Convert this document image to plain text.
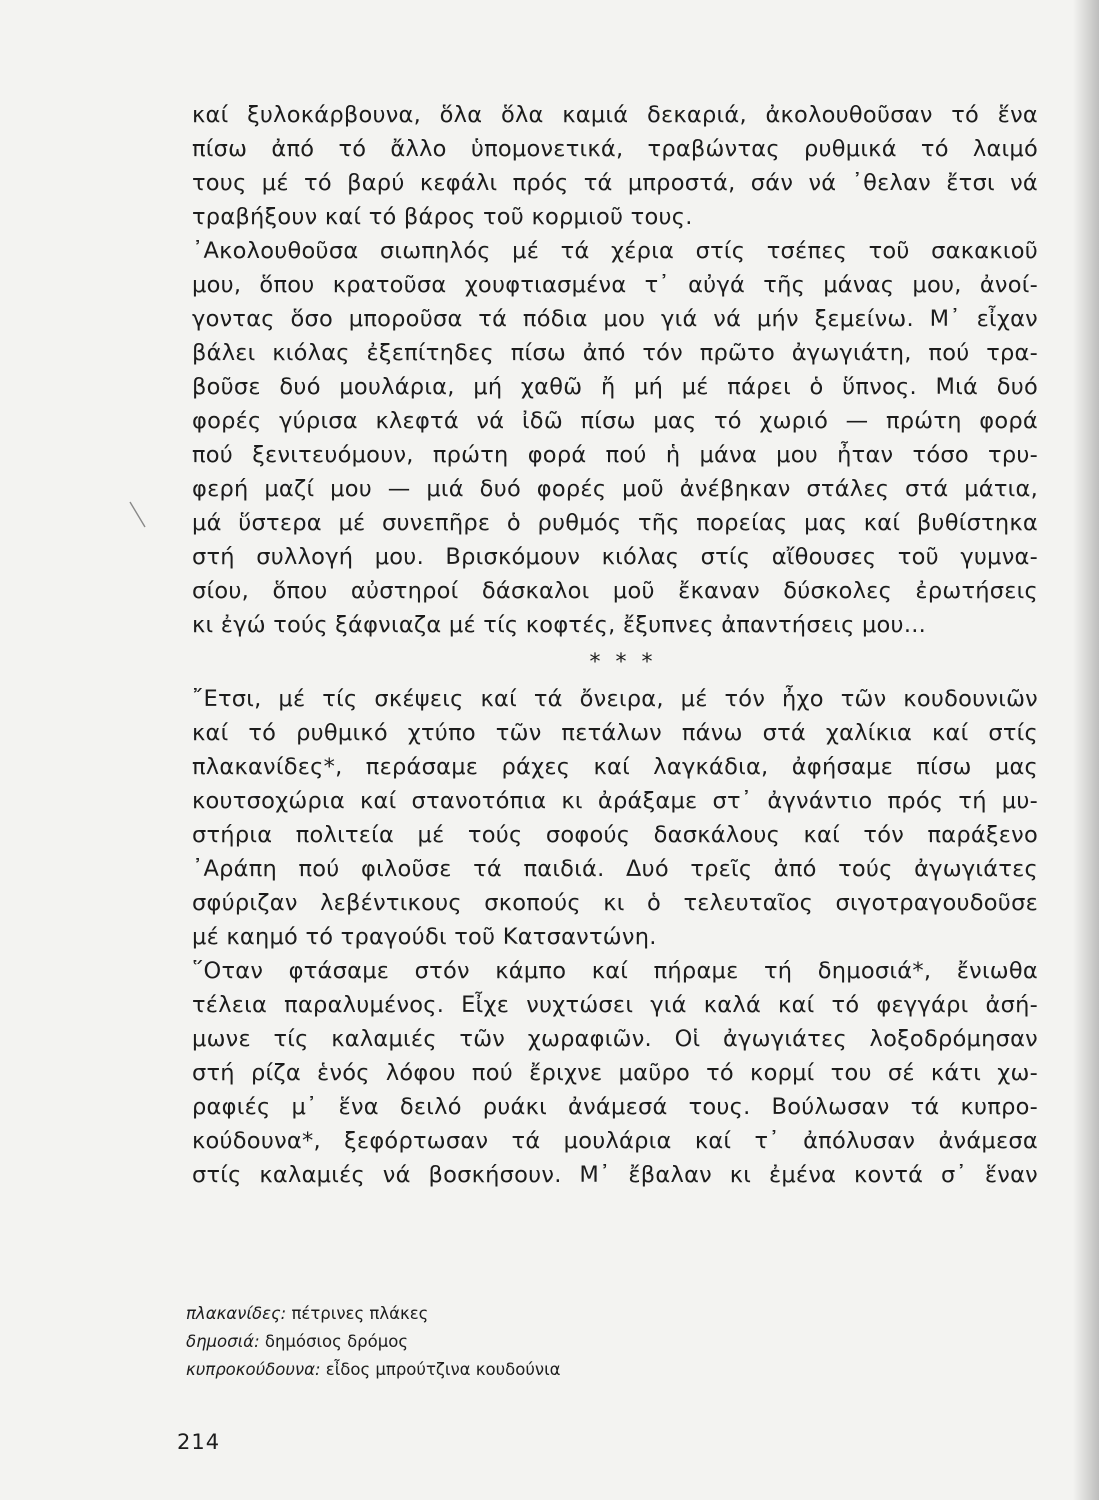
καί ξυλοκάρβουνα, ὅλα ὅλα καμιά δεκαριά, ἀκολουθοῦσαν τό ἕνα
πίσω ἀπό τό ἄλλο ὑπομονετικά, τραβώντας ρυθμικά τό λαιμό
τους μέ τό βαρύ κεφάλι πρός τά μπροστά, σάν νά ᾿θελαν ἔτσι νά
τραβήξουν καί τό βάρος τοῦ κορμιοῦ τους.
᾿Ακολουθοῦσα σιωπηλός μέ τά χέρια στίς τσέπες τοῦ σακακιοῦ
μου, ὅπου κρατοῦσα χουφτιασμένα τ᾿ αὐγά τῆς μάνας μου, ἀνοί-
γοντας ὅσο μποροῦσα τά πόδια μου γιά νά μήν ξεμείνω. Μ᾿ εἶχαν
βάλει κιόλας ἐξεπίτηδες πίσω ἀπό τόν πρῶτο ἀγωγιάτη, πού τρα-
βοῦσε δυό μουλάρια, μή χαθῶ ἤ μή μέ πάρει ὁ ὕπνος. Μιά δυό
φορές γύρισα κλεφτά νά ἰδῶ πίσω μας τό χωριό — πρώτη φορά
πού ξενιτευόμουν, πρώτη φορά πού ἡ μάνα μου ἦταν τόσο τρυ-
φερή μαζί μου — μιά δυό φορές μοῦ ἀνέβηκαν στάλες στά μάτια,
μά ὕστερα μέ συνεπῆρε ὁ ρυθμός τῆς πορείας μας καί βυθίστηκα
στή συλλογή μου. Βρισκόμουν κιόλας στίς αἴθουσες τοῦ γυμνα-
σίου, ὅπου αὐστηροί δάσκαλοι μοῦ ἔκαναν δύσκολες ἐρωτήσεις
κι ἐγώ τούς ξάφνιαζα μέ τίς κοφτές, ἔξυπνες ἀπαντήσεις μου...
* * *
῎Ετσι, μέ τίς σκέψεις καί τά ὄνειρα, μέ τόν ἦχο τῶν κουδουνιῶν
καί τό ρυθμικό χτύπο τῶν πετάλων πάνω στά χαλίκια καί στίς
πλακανίδες*, περάσαμε ράχες καί λαγκάδια, ἀφήσαμε πίσω μας
κουτσοχώρια καί στανοτόπια κι ἀράξαμε στ᾿ ἀγνάντιο πρός τή μυ-
στήρια πολιτεία μέ τούς σοφούς δασκάλους καί τόν παράξενο
᾿Αράπη πού φιλοῦσε τά παιδιά. Δυό τρεῖς ἀπό τούς ἀγωγιάτες
σφύριζαν λεβέντικους σκοπούς κι ὁ τελευταῖος σιγοτραγουδοῦσε
μέ καημό τό τραγούδι τοῦ Κατσαντώνη.
῞Οταν φτάσαμε στόν κάμπο καί πήραμε τή δημοσιά*, ἔνιωθα
τέλεια παραλυμένος. Εἶχε νυχτώσει γιά καλά καί τό φεγγάρι ἀσή-
μωνε τίς καλαμιές τῶν χωραφιῶν. Οἱ ἀγωγιάτες λοξοδρόμησαν
στή ρίζα ἑνός λόφου πού ἔριχνε μαῦρο τό κορμί του σέ κάτι χω-
ραφιές μ᾿ ἕνα δειλό ρυάκι ἀνάμεσά τους. Βούλωσαν τά κυπρο-
κούδουνα*, ξεφόρτωσαν τά μουλάρια καί τ᾿ ἀπόλυσαν ἀνάμεσα
στίς καλαμιές νά βοσκήσουν. Μ᾿ ἔβαλαν κι ἐμένα κοντά σ᾿ ἕναν
πλακανίδες: πέτρινες πλάκες
δημοσιά: δημόσιος δρόμος
κυπροκούδουνα: εἶδος μπρούτζινα κουδούνια
214
